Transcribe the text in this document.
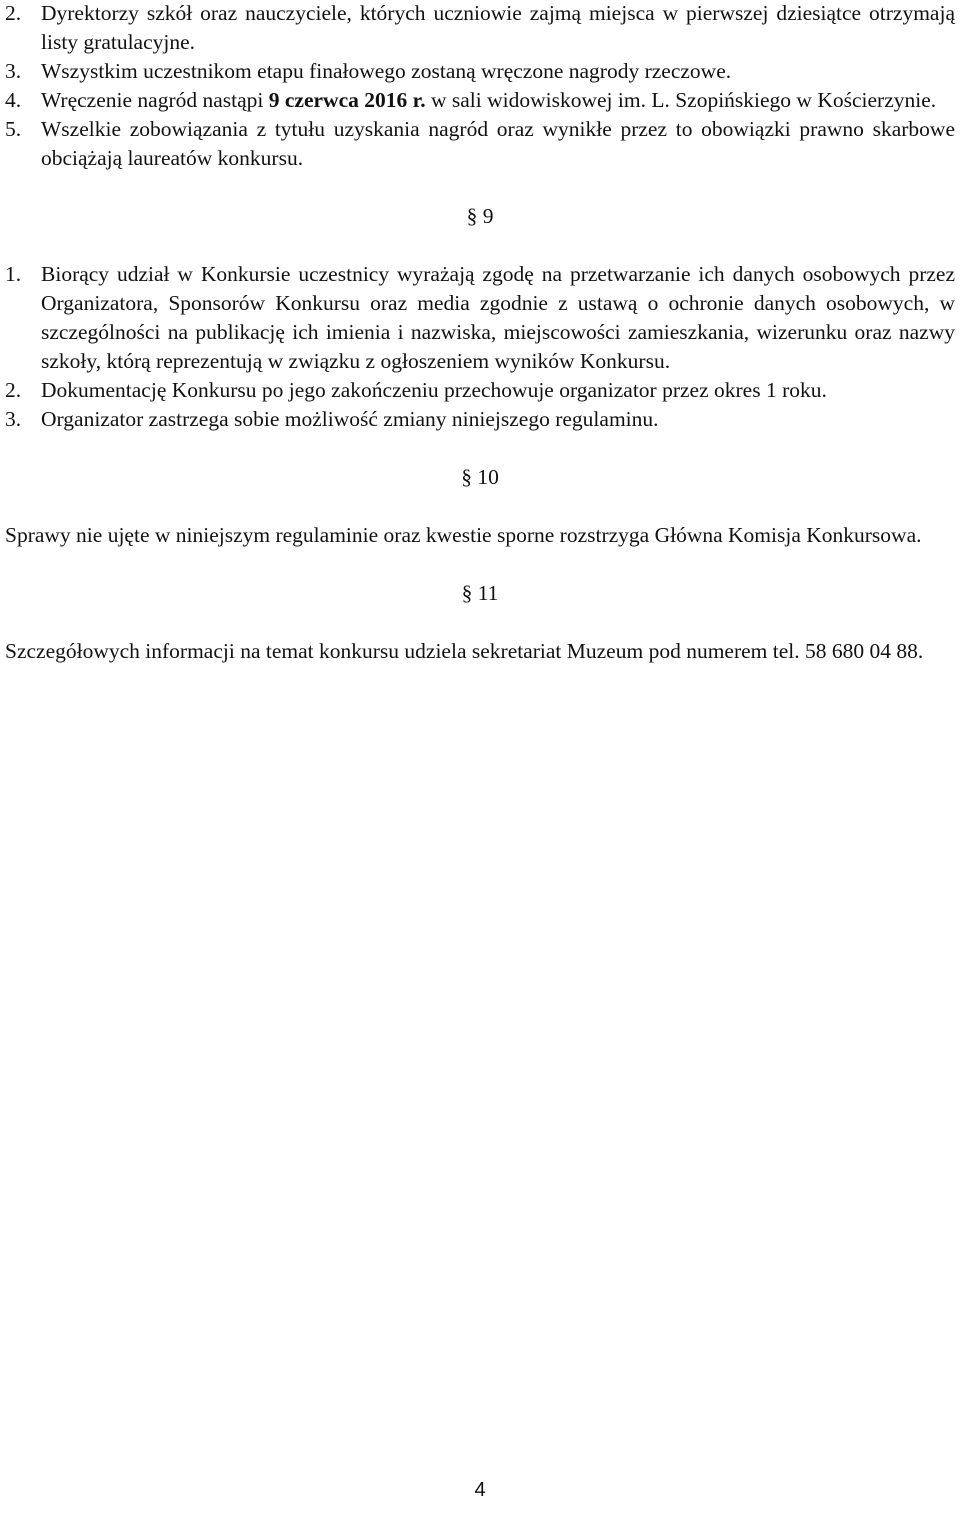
2. Dyrektorzy szkół oraz nauczyciele, których uczniowie zajmą miejsca w pierwszej dziesiątce otrzymają listy gratulacyjne.
3. Wszystkim uczestnikom etapu finałowego zostaną wręczone nagrody rzeczowe.
4. Wręczenie nagród nastąpi 9 czerwca 2016 r. w sali widowiskowej im. L. Szopińskiego w Kościerzynie.
5. Wszelkie zobowiązania z tytułu uzyskania nagród oraz wynikłe przez to obowiązki prawno skarbowe obciążają laureatów konkursu.

§ 9

1. Biorący udział w Konkursie uczestnicy wyrażają zgodę na przetwarzanie ich danych osobowych przez Organizatora, Sponsorów Konkursu oraz media zgodnie z ustawą o ochronie danych osobowych, w szczególności na publikację ich imienia i nazwiska, miejscowości zamieszkania, wizerunku oraz nazwy szkoły, którą reprezentują w związku z ogłoszeniem wyników Konkursu.
2. Dokumentację Konkursu po jego zakończeniu przechowuje organizator przez okres 1 roku.
3. Organizator zastrzega sobie możliwość zmiany niniejszego regulaminu.

§ 10

Sprawy nie ujęte w niniejszym regulaminie oraz kwestie sporne rozstrzyga Główna Komisja Konkursowa.

§ 11

Szczegółowych informacji na temat konkursu udziela sekretariat Muzeum pod numerem tel. 58 680 04 88.

4
